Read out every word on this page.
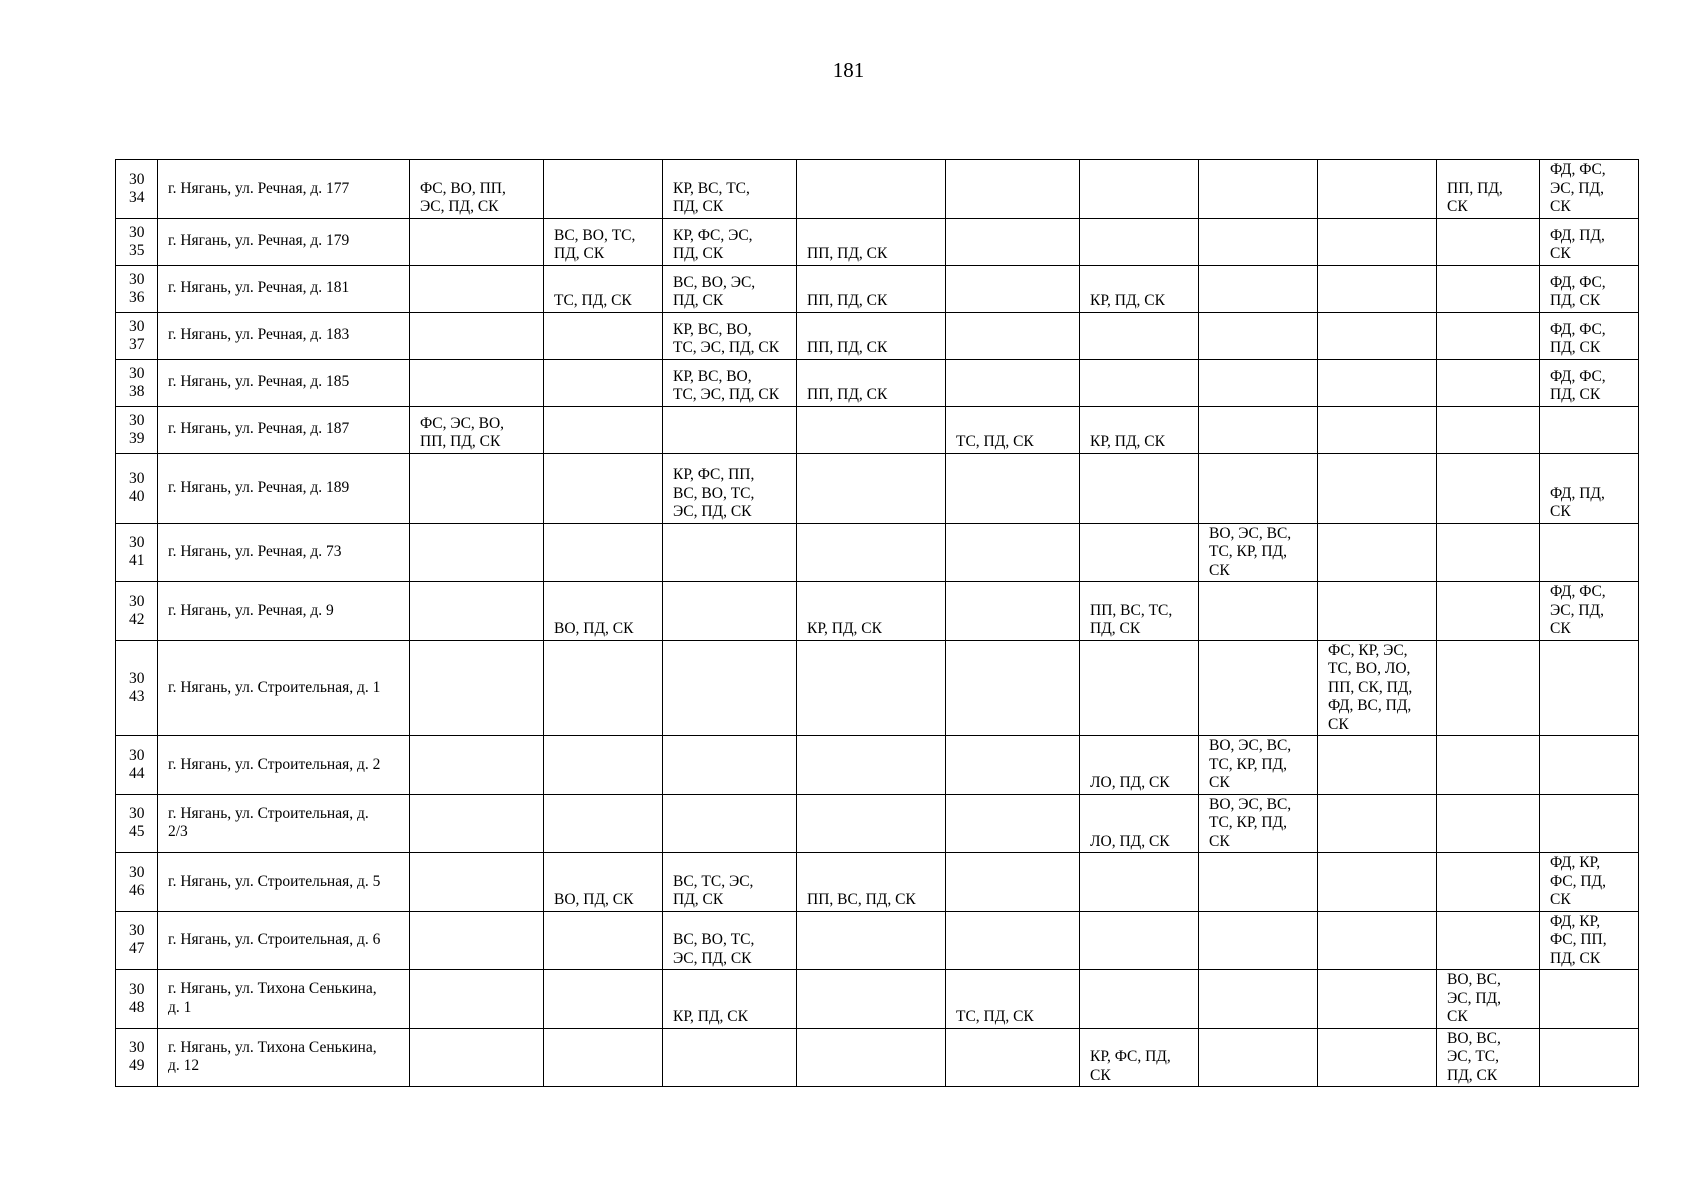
181
30
34	г. Нягань, ул. Речная, д. 177	ФС, ВО, ПП,
ЭС, ПД, СК		КР, ВС, ТС,
ПД, СК						ПП, ПД,
СК	ФД, ФС,
ЭС, ПД,
СК
30
35	г. Нягань, ул. Речная, д. 179		ВС, ВО, ТС,
ПД, СК	КР, ФС, ЭС,
ПД, СК	ПП, ПД, СК						ФД, ПД,
СК
30
36	г. Нягань, ул. Речная, д. 181		ТС, ПД, СК	ВС, ВО, ЭС,
ПД, СК	ПП, ПД, СК		КР, ПД, СК				ФД, ФС,
ПД, СК
30
37	г. Нягань, ул. Речная, д. 183			КР, ВС, ВО,
ТС, ЭС, ПД, СК	ПП, ПД, СК						ФД, ФС,
ПД, СК
30
38	г. Нягань, ул. Речная, д. 185			КР, ВС, ВО,
ТС, ЭС, ПД, СК	ПП, ПД, СК						ФД, ФС,
ПД, СК
30
39	г. Нягань, ул. Речная, д. 187	ФС, ЭС, ВО,
ПП, ПД, СК				ТС, ПД, СК	КР, ПД, СК				
30
40	г. Нягань, ул. Речная, д. 189			КР, ФС, ПП,
ВС, ВО, ТС,
ЭС, ПД, СК							ФД, ПД,
СК
30
41	г. Нягань, ул. Речная, д. 73							ВО, ЭС, ВС,
ТС, КР, ПД,
СК			
30
42	г. Нягань, ул. Речная, д. 9		ВО, ПД, СК		КР, ПД, СК		ПП, ВС, ТС,
ПД, СК				ФД, ФС,
ЭС, ПД,
СК
30
43	г. Нягань, ул. Строительная, д. 1								ФС, КР, ЭС,
ТС, ВО, ЛО,
ПП, СК, ПД,
ФД, ВС, ПД,
СК		
30
44	г. Нягань, ул. Строительная, д. 2						ЛО, ПД, СК	ВО, ЭС, ВС,
ТС, КР, ПД,
СК			
30
45	г. Нягань, ул. Строительная, д.
2/3						ЛО, ПД, СК	ВО, ЭС, ВС,
ТС, КР, ПД,
СК			
30
46	г. Нягань, ул. Строительная, д. 5		ВО, ПД, СК	ВС, ТС, ЭС,
ПД, СК	ПП, ВС, ПД, СК						ФД, КР,
ФС, ПД,
СК
30
47	г. Нягань, ул. Строительная, д. 6			ВС, ВО, ТС,
ЭС, ПД, СК							ФД, КР,
ФС, ПП,
ПД, СК
30
48	г. Нягань, ул. Тихона Сенькина,
д. 1			КР, ПД, СК		ТС, ПД, СК				ВО, ВС,
ЭС, ПД,
СК	
30
49	г. Нягань, ул. Тихона Сенькина,
д. 12						КР, ФС, ПД,
СК			ВО, ВС,
ЭС, ТС,
ПД, СК	
